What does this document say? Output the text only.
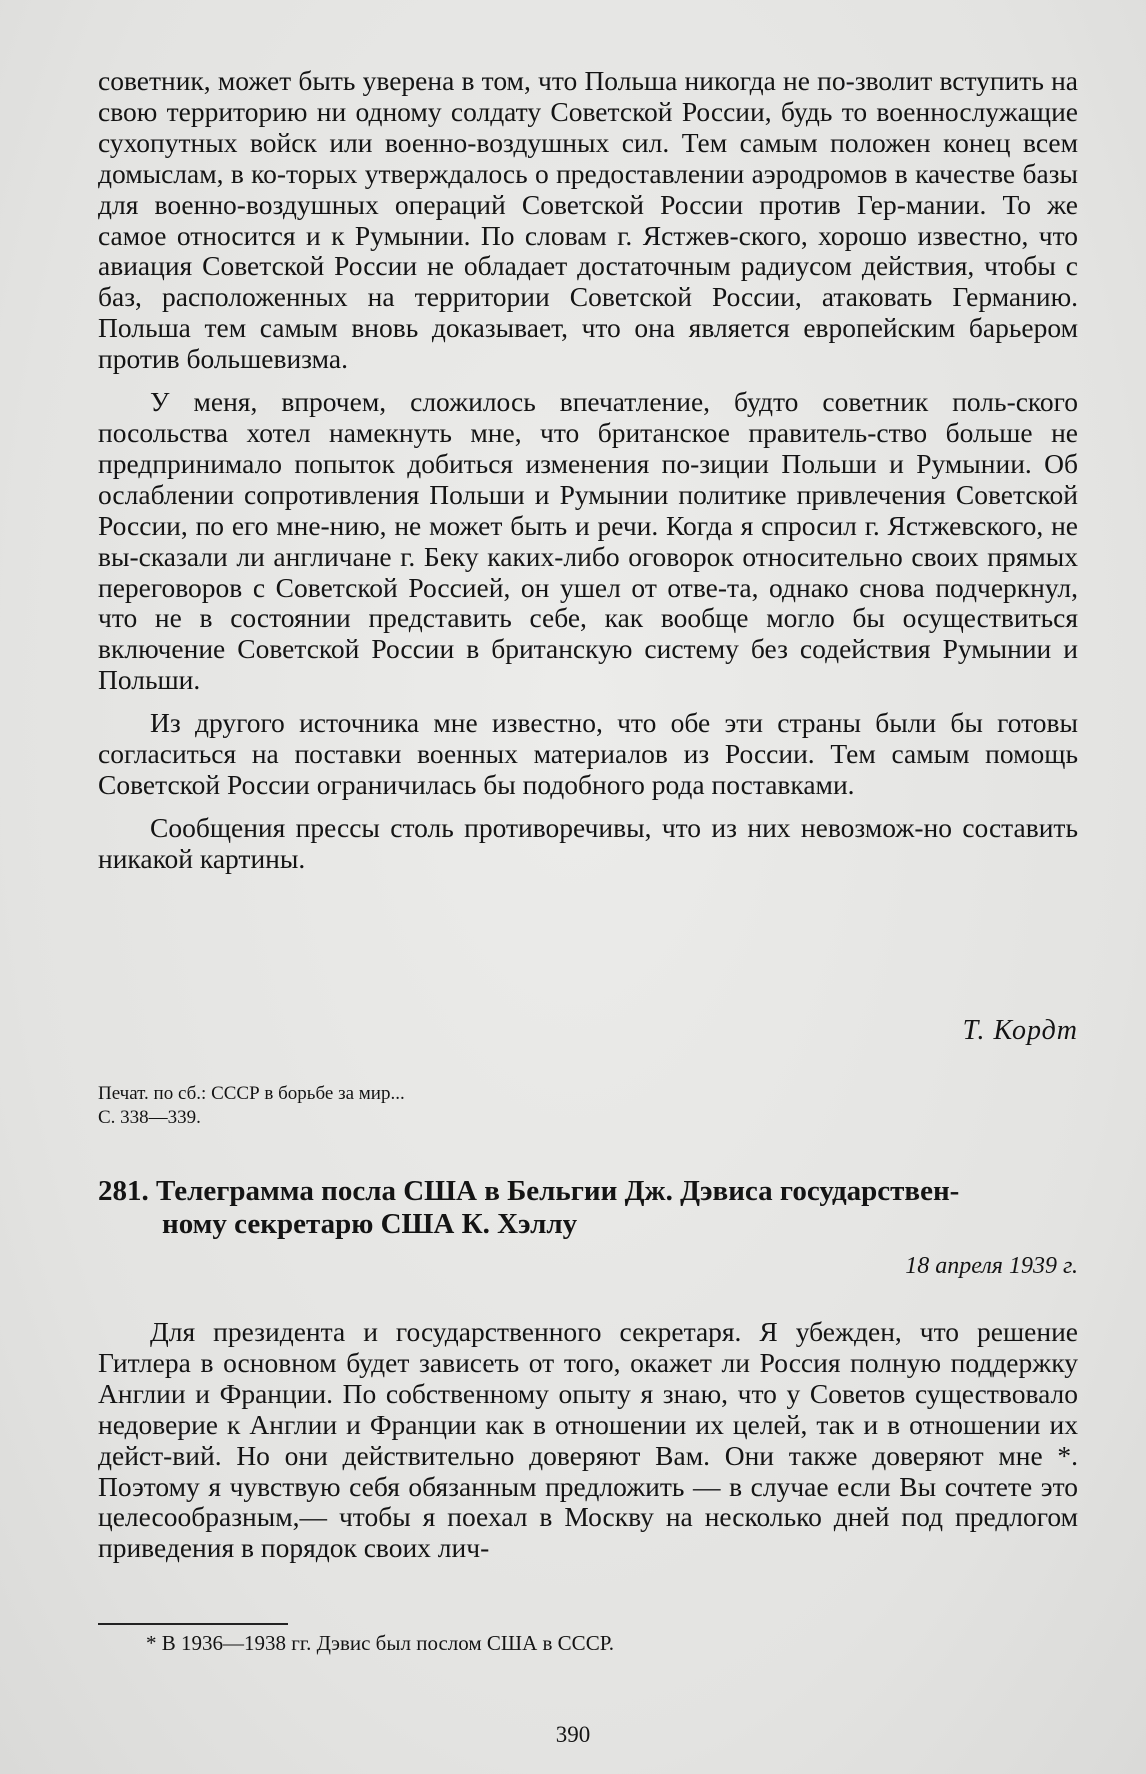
советник, может быть уверена в том, что Польша никогда не по-зволит вступить на свою территорию ни одному солдату Советской России, будь то военнослужащие сухопутных войск или военно-воздушных сил. Тем самым положен конец всем домыслам, в ко-торых утверждалось о предоставлении аэродромов в качестве базы для военно-воздушных операций Советской России против Гер-мании. То же самое относится и к Румынии. По словам г. Ястжев-ского, хорошо известно, что авиация Советской России не обладает достаточным радиусом действия, чтобы с баз, расположенных на территории Советской России, атаковать Германию. Польша тем самым вновь доказывает, что она является европейским барьером против большевизма.

У меня, впрочем, сложилось впечатление, будто советник поль-ского посольства хотел намекнуть мне, что британское правитель-ство больше не предпринимало попыток добиться изменения по-зиции Польши и Румынии. Об ослаблении сопротивления Польши и Румынии политике привлечения Советской России, по его мне-нию, не может быть и речи. Когда я спросил г. Ястжевского, не вы-сказали ли англичане г. Беку каких-либо оговорок относительно своих прямых переговоров с Советской Россией, он ушел от отве-та, однако снова подчеркнул, что не в состоянии представить себе, как вообще могло бы осуществиться включение Советской России в британскую систему без содействия Румынии и Польши.

Из другого источника мне известно, что обе эти страны были бы готовы согласиться на поставки военных материалов из России. Тем самым помощь Советской России ограничилась бы подобного рода поставками.

Сообщения прессы столь противоречивы, что из них невозмож-но составить никакой картины.

Т. Кордт
Печат. по сб.: СССР в борьбе за мир...
С. 338—339.
281. Телеграмма посла США в Бельгии Дж. Дэвиса государствен-
ному секретарю США К. Хэллу
18 апреля 1939 г.

Для президента и государственного секретаря. Я убежден, что решение Гитлера в основном будет зависеть от того, окажет ли Россия полную поддержку Англии и Франции. По собственному опыту я знаю, что у Советов существовало недоверие к Англии и Франции как в отношении их целей, так и в отношении их дейст-вий. Но они действительно доверяют Вам. Они также доверяют мне *. Поэтому я чувствую себя обязанным предложить — в случае если Вы сочтете это целесообразным,— чтобы я поехал в Москву на несколько дней под предлогом приведения в порядок своих лич-

* В 1936—1938 гг. Дэвис был послом США в СССР.
390
